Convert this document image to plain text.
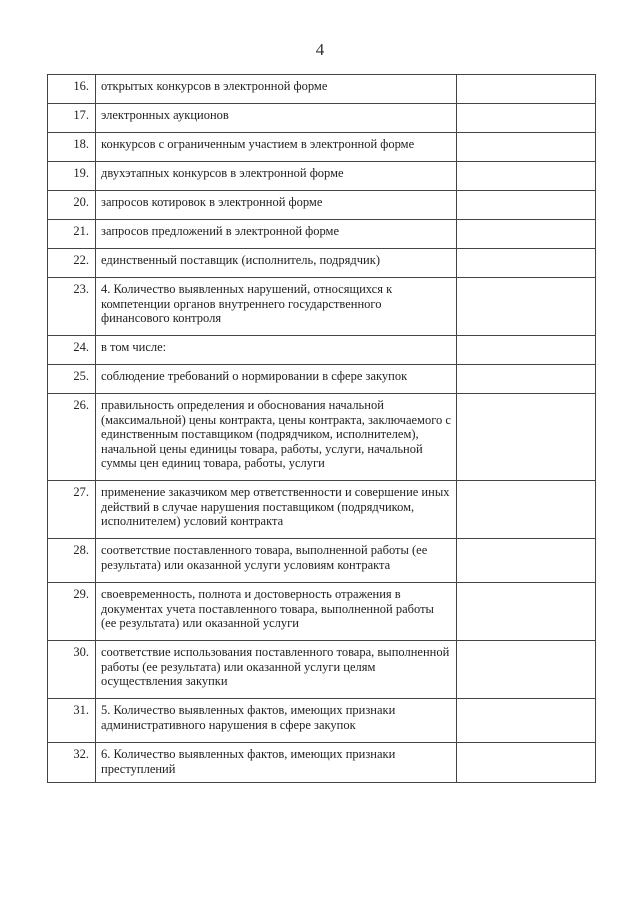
4
16.	открытых конкурсов в электронной форме	
17.	электронных аукционов	
18.	конкурсов с ограниченным участием в электронной форме	
19.	двухэтапных конкурсов в электронной форме	
20.	запросов котировок в электронной форме	
21.	запросов предложений в электронной форме	
22.	единственный поставщик (исполнитель, подрядчик)	
23.	4. Количество выявленных нарушений, относящихся к компетенции органов внутреннего государственного финансового контроля	
24.	в том числе:	
25.	соблюдение требований о нормировании в сфере закупок	
26.	правильность определения и обоснования начальной (максимальной) цены контракта, цены контракта, заключаемого с единственным поставщиком (подрядчиком, исполнителем), начальной цены единицы товара, работы, услуги, начальной суммы цен единиц товара, работы, услуги	
27.	применение заказчиком мер ответственности и совершение иных действий в случае нарушения поставщиком (подрядчиком, исполнителем) условий контракта	
28.	соответствие поставленного товара, выполненной работы (ее результата) или оказанной услуги условиям контракта	
29.	своевременность, полнота и достоверность отражения в документах учета поставленного товара, выполненной работы (ее результата) или оказанной услуги	
30.	соответствие использования поставленного товара, выполненной работы (ее результата) или оказанной услуги целям осуществления закупки	
31.	5. Количество выявленных фактов, имеющих признаки административного нарушения в сфере закупок	
32.	6. Количество выявленных фактов, имеющих признаки преступлений	
